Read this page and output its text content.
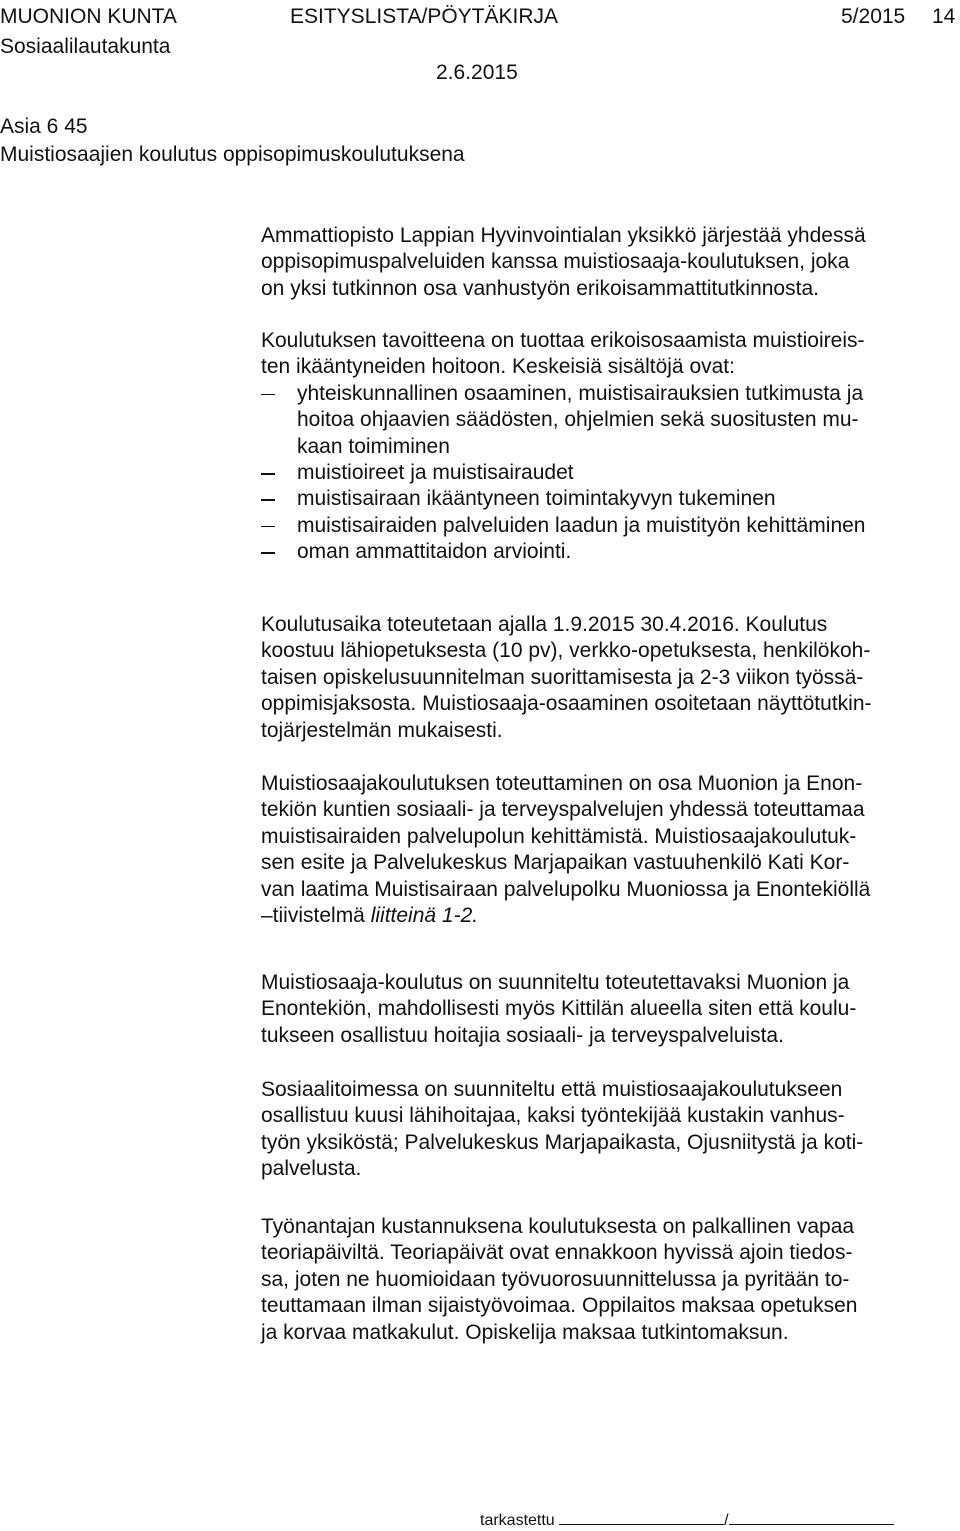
MUONION KUNTA	ESITYSLISTA/PÖYTÄKIRJA	5/2015 14
Sosiaalilautakunta
2.6.2015
Asia 6 45
Muistiosaajien koulutus oppisopimuskoulutuksena
Ammattiopisto Lappian Hyvinvointialan yksikkö järjestää yhdessä
oppisopimuspalveluiden kanssa muistiosaaja-koulutuksen, joka
on yksi tutkinnon osa vanhustyön erikoisammattitutkinnosta.
Koulutuksen tavoitteena on tuottaa erikoisosaamista muistioireis-
ten ikääntyneiden hoitoon. Keskeisiä sisältöjä ovat:
yhteiskunnallinen osaaminen, muistisairauksien tutkimusta ja
hoitoa ohjaavien säädösten, ohjelmien sekä suositusten mu-
kaan toimiminen
muistioireet ja muistisairaudet
muistisairaan ikääntyneen toimintakyvyn tukeminen
muistisairaiden palveluiden laadun ja muistityön kehittäminen
oman ammattitaidon arviointi.
Koulutusaika toteutetaan ajalla 1.9.2015 30.4.2016. Koulutus
koostuu lähiopetuksesta (10 pv), verkko-opetuksesta, henkilökoh-
taisen opiskelusuunnitelman suorittamisesta ja 2-3 viikon työssä-
oppimisjaksosta. Muistiosaaja-osaaminen osoitetaan näyttötutkin-
tojärjestelmän mukaisesti.
Muistiosaajakoulutuksen toteuttaminen on osa Muonion ja Enon-
tekiön kuntien sosiaali- ja terveyspalvelujen yhdessä toteuttamaa
muistisairaiden palvelupolun kehittämistä. Muistiosaajakoulutuk-
sen esite ja Palvelukeskus Marjapaikan vastuuhenkilö Kati Kor-
van laatima Muistisairaan palvelupolku Muoniossa ja Enontekiöllä
–tiivistelmä liitteinä 1-2.
Muistiosaaja-koulutus on suunniteltu toteutettavaksi Muonion ja
Enontekiön, mahdollisesti myös Kittilän alueella siten että koulu-
tukseen osallistuu hoitajia sosiaali- ja terveyspalveluista.
Sosiaalitoimessa on suunniteltu että muistiosaajakoulutukseen
osallistuu kuusi lähihoitajaa, kaksi työntekijää kustakin vanhus-
työn yksiköstä; Palvelukeskus Marjapaikasta, Ojusniitystä ja koti-
palvelusta.
Työnantajan kustannuksena koulutuksesta on palkallinen vapaa
teoriapäiviltä. Teoriapäivät ovat ennakkoon hyvissä ajoin tiedos-
sa, joten ne huomioidaan työvuorosuunnittelussa ja pyritään to-
teuttamaan ilman sijaistyövoimaa. Oppilaitos maksaa opetuksen
ja korvaa matkakulut. Opiskelija maksaa tutkintomaksun.
tarkastettu	/
